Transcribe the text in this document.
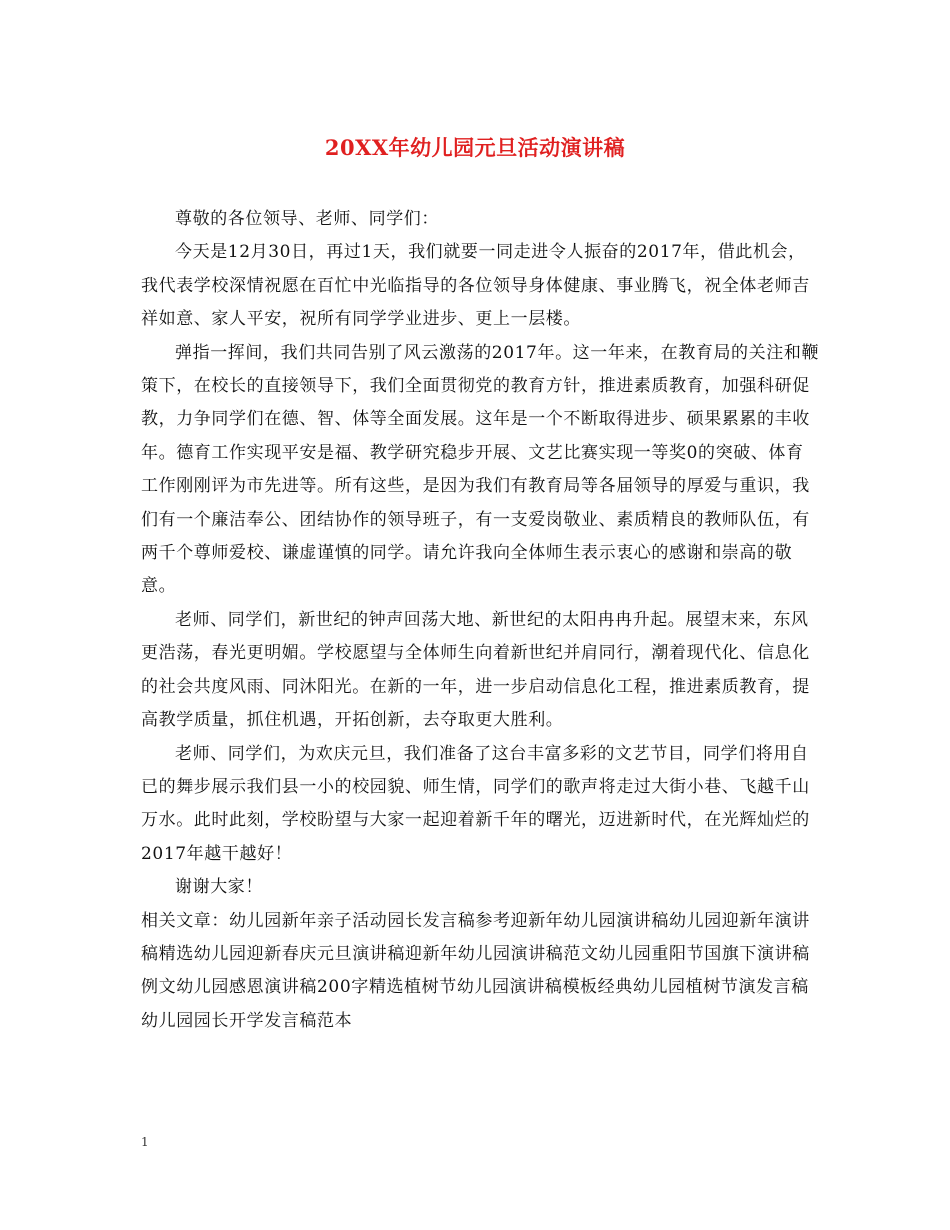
20XX年幼儿园元旦活动演讲稿

尊敬的各位领导、老师、同学们：

今天是12月30日，再过1天，我们就要一同走进令人振奋的2017年，借此机会，我代表学校深情祝愿在百忙中光临指导的各位领导身体健康、事业腾飞，祝全体老师吉祥如意、家人平安，祝所有同学学业进步、更上一层楼。

弹指一挥间，我们共同告别了风云激荡的2017年。这一年来，在教育局的关注和鞭策下，在校长的直接领导下，我们全面贯彻党的教育方针，推进素质教育，加强科研促教，力争同学们在德、智、体等全面发展。这年是一个不断取得进步、硕果累累的丰收年。德育工作实现平安是福、教学研究稳步开展、文艺比赛实现一等奖0的突破、体育工作刚刚评为市先进等。所有这些，是因为我们有教育局等各届领导的厚爱与重识，我们有一个廉洁奉公、团结协作的领导班子，有一支爱岗敬业、素质精良的教师队伍，有两千个尊师爱校、谦虚谨慎的同学。请允许我向全体师生表示衷心的感谢和崇高的敬意。

老师、同学们，新世纪的钟声回荡大地、新世纪的太阳冉冉升起。展望末来，东风更浩荡，春光更明媚。学校愿望与全体师生向着新世纪并肩同行，潮着现代化、信息化的社会共度风雨、同沐阳光。在新的一年，进一步启动信息化工程，推进素质教育，提高教学质量，抓住机遇，开拓创新，去夺取更大胜利。

老师、同学们，为欢庆元旦，我们准备了这台丰富多彩的文艺节目，同学们将用自已的舞步展示我们县一小的校园貌、师生情，同学们的歌声将走过大街小巷、飞越千山万水。此时此刻，学校盼望与大家一起迎着新千年的曙光，迈进新时代，在光辉灿烂的2017年越干越好！

谢谢大家！

相关文章：幼儿园新年亲子活动园长发言稿参考迎新年幼儿园演讲稿幼儿园迎新年演讲稿精选幼儿园迎新春庆元旦演讲稿迎新年幼儿园演讲稿范文幼儿园重阳节国旗下演讲稿例文幼儿园感恩演讲稿200字精选植树节幼儿园演讲稿模板经典幼儿园植树节演发言稿幼儿园园长开学发言稿范本

1
